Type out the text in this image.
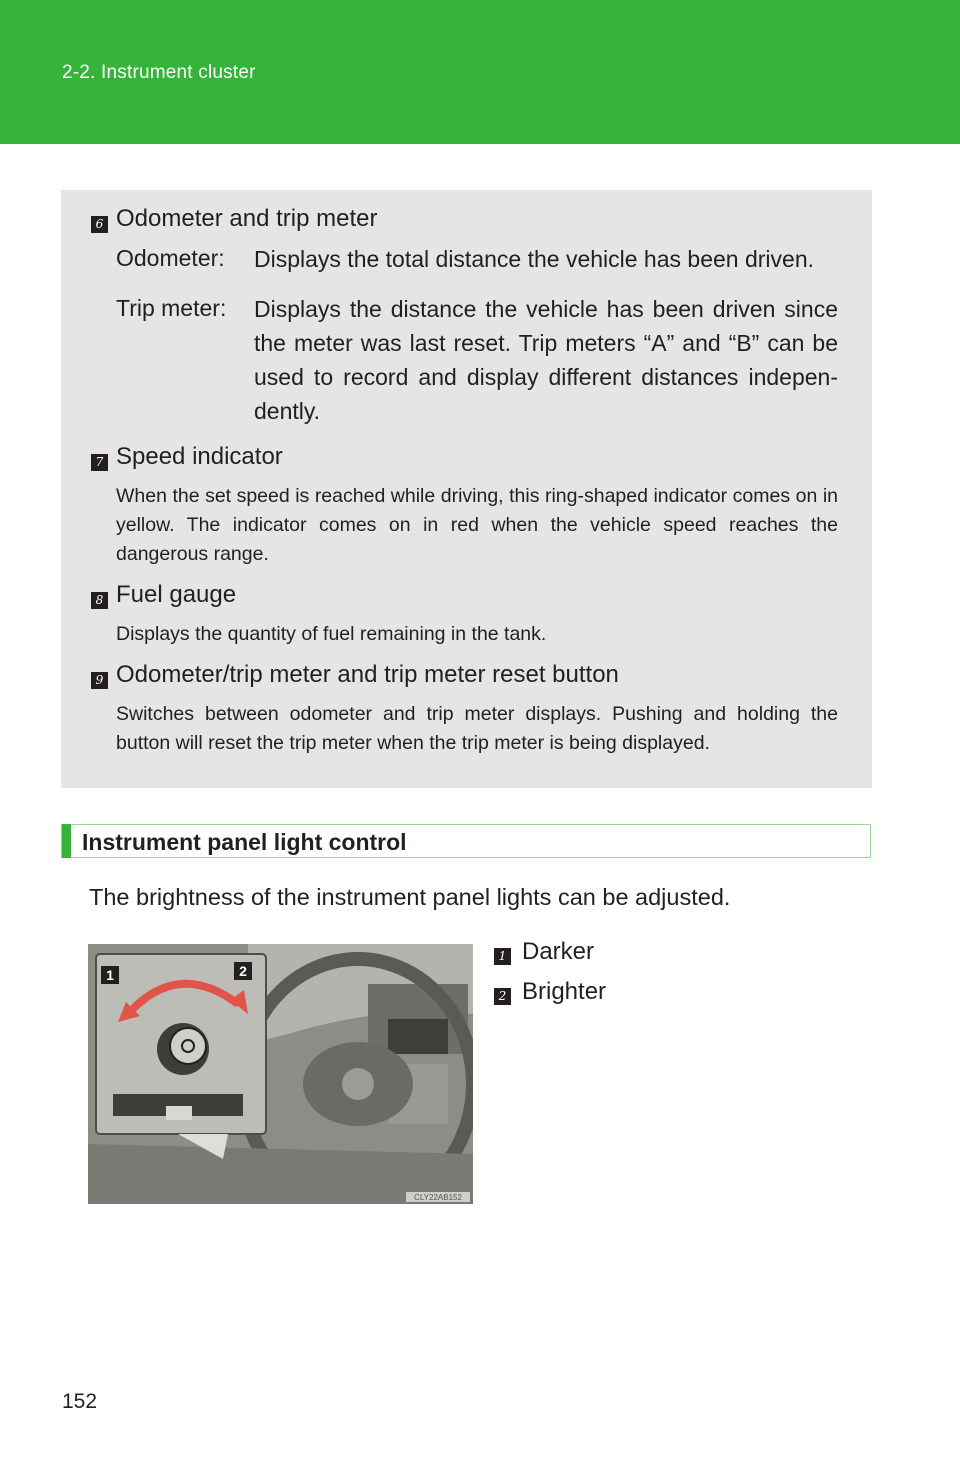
2-2. Instrument cluster
6 Odometer and trip meter
Odometer: Displays the total distance the vehicle has been driven.
Trip meter: Displays the distance the vehicle has been driven since the meter was last reset. Trip meters “A” and “B” can be used to record and display different distances indepen-dently.
7 Speed indicator
When the set speed is reached while driving, this ring-shaped indicator comes on in yellow. The indicator comes on in red when the vehicle speed reaches the dangerous range.
8 Fuel gauge
Displays the quantity of fuel remaining in the tank.
9 Odometer/trip meter and trip meter reset button
Switches between odometer and trip meter displays. Pushing and holding the button will reset the trip meter when the trip meter is being displayed.
Instrument panel light control
The brightness of the instrument panel lights can be adjusted.
1	2
CLY22AB152
1 Darker
2 Brighter
152
